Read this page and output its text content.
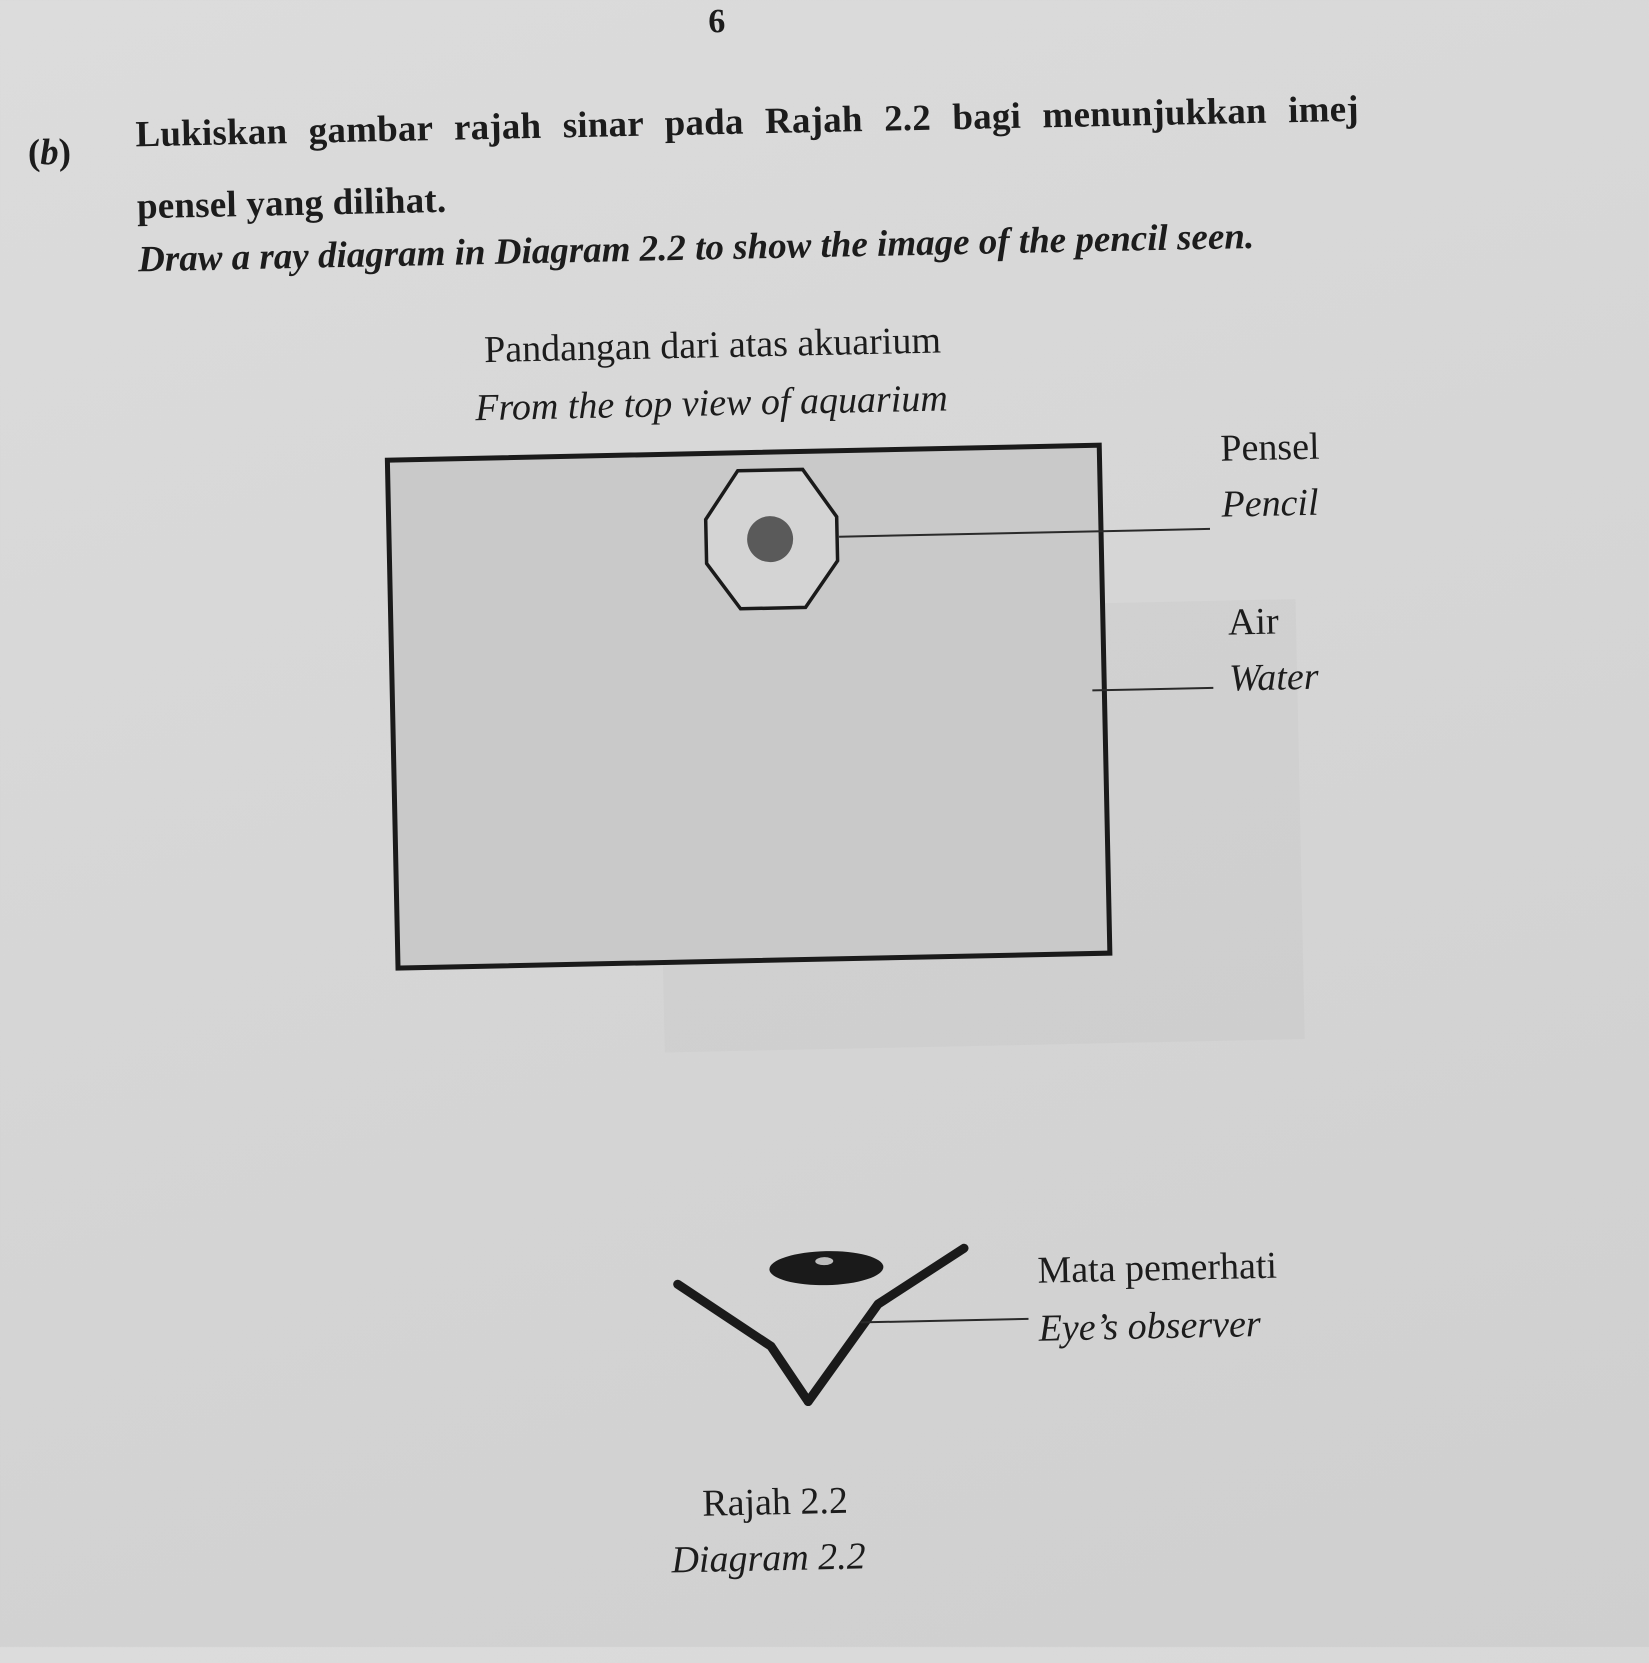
6
(b) Lukiskan gambar rajah sinar pada Rajah 2.2 bagi menunjukkan imej
pensel yang dilihat.
Draw a ray diagram in Diagram 2.2 to show the image of the pencil seen.
Pandangan dari atas akuarium
From the top view of aquarium
Pensel
Pencil
Air
Water
Mata pemerhati
Eye’s observer
Rajah 2.2
Diagram 2.2
